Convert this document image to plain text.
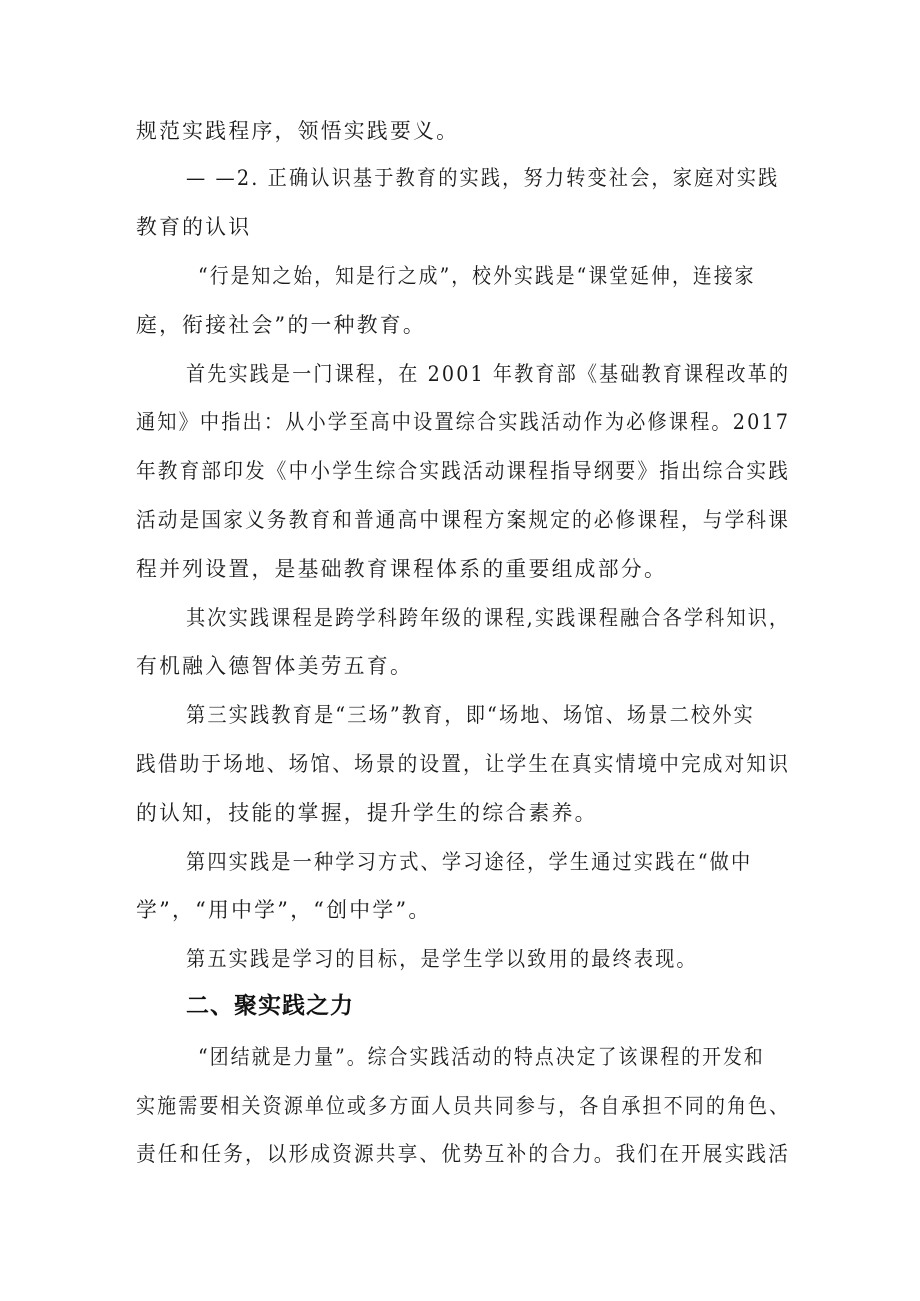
规范实践程序，领悟实践要义。
— —2. 正确认识基于教育的实践，努力转变社会，家庭对实践
教育的认识
“行是知之始，知是行之成”，校外实践是“课堂延伸，连接家
庭，衔接社会”的一种教育。
首先实践是一门课程，在 2001 年教育部《基础教育课程改革的
通知》中指出：从小学至高中设置综合实践活动作为必修课程。2017
年教育部印发《中小学生综合实践活动课程指导纲要》指出综合实践
活动是国家义务教育和普通高中课程方案规定的必修课程，与学科课
程并列设置，是基础教育课程体系的重要组成部分。
其次实践课程是跨学科跨年级的课程,实践课程融合各学科知识，
有机融入德智体美劳五育。
第三实践教育是“三场”教育，即“场地、场馆、场景二校外实
践借助于场地、场馆、场景的设置，让学生在真实情境中完成对知识
的认知，技能的掌握，提升学生的综合素养。
第四实践是一种学习方式、学习途径，学生通过实践在“做中
学”，“用中学”，“创中学”。
第五实践是学习的目标，是学生学以致用的最终表现。
二、聚实践之力
“团结就是力量”。综合实践活动的特点决定了该课程的开发和
实施需要相关资源单位或多方面人员共同参与，各自承担不同的角色、
责任和任务，以形成资源共享、优势互补的合力。我们在开展实践活
